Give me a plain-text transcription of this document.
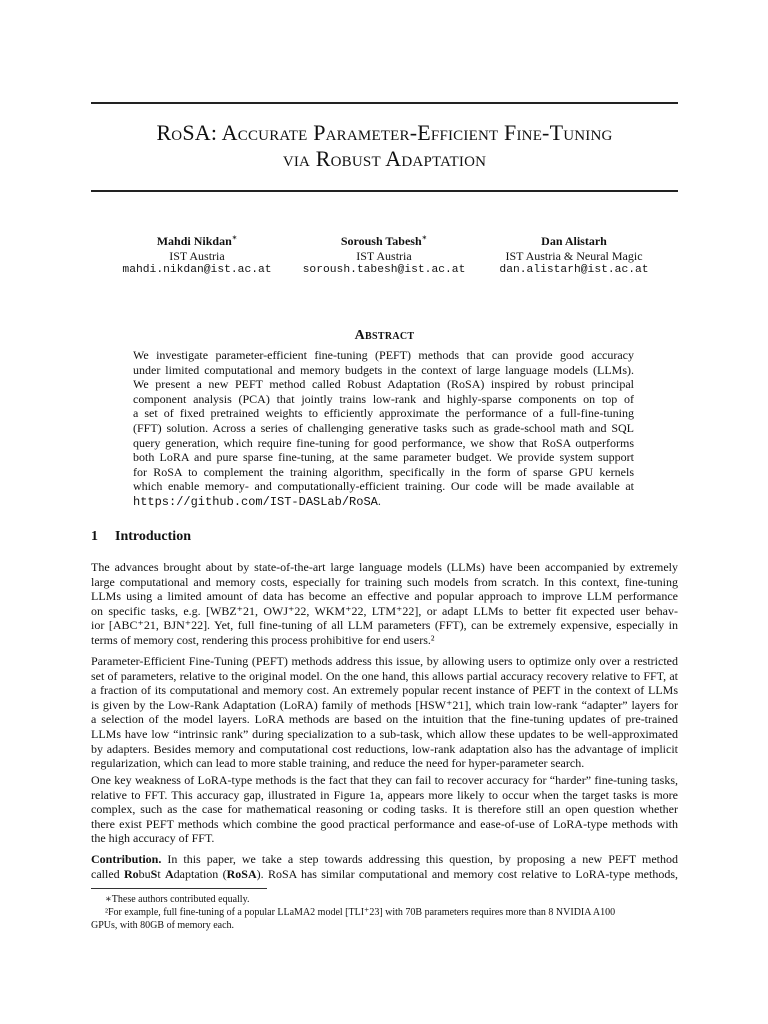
RoSA: Accurate Parameter-Efficient Fine-Tuning
via Robust Adaptation
Mahdi Nikdan∗
IST Austria
mahdi.nikdan@ist.ac.at
Soroush Tabesh∗
IST Austria
soroush.tabesh@ist.ac.at
Dan Alistarh
IST Austria & Neural Magic
dan.alistarh@ist.ac.at
Abstract
We investigate parameter-efficient fine-tuning (PEFT) methods that can provide good accuracy
under limited computational and memory budgets in the context of large language models (LLMs).
We present a new PEFT method called Robust Adaptation (RoSA) inspired by robust principal
component analysis (PCA) that jointly trains low-rank and highly-sparse components on top of
a set of fixed pretrained weights to efficiently approximate the performance of a full-fine-tuning
(FFT) solution. Across a series of challenging generative tasks such as grade-school math and SQL
query generation, which require fine-tuning for good performance, we show that RoSA outperforms
both LoRA and pure sparse fine-tuning, at the same parameter budget. We provide system support
for RoSA to complement the training algorithm, specifically in the form of sparse GPU kernels
which enable memory- and computationally-efficient training. Our code will be made available at
https://github.com/IST-DASLab/RoSA.
1 Introduction
The advances brought about by state-of-the-art large language models (LLMs) have been accompanied by extremely
large computational and memory costs, especially for training such models from scratch. In this context, fine-tuning
LLMs using a limited amount of data has become an effective and popular approach to improve LLM performance
on specific tasks, e.g. [WBZ⁺21, OWJ⁺22, WKM⁺22, LTM⁺22], or adapt LLMs to better fit expected user behav-
ior [ABC⁺21, BJN⁺22]. Yet, full fine-tuning of all LLM parameters (FFT), can be extremely expensive, especially in
terms of memory cost, rendering this process prohibitive for end users.²
Parameter-Efficient Fine-Tuning (PEFT) methods address this issue, by allowing users to optimize only over a restricted
set of parameters, relative to the original model. On the one hand, this allows partial accuracy recovery relative to FFT, at
a fraction of its computational and memory cost. An extremely popular recent instance of PEFT in the context of LLMs
is given by the Low-Rank Adaptation (LoRA) family of methods [HSW⁺21], which train low-rank “adapter” layers for
a selection of the model layers. LoRA methods are based on the intuition that the fine-tuning updates of pre-trained
LLMs have low “intrinsic rank” during specialization to a sub-task, which allow these updates to be well-approximated
by adapters. Besides memory and computational cost reductions, low-rank adaptation also has the advantage of implicit
regularization, which can lead to more stable training, and reduce the need for hyper-parameter search.
One key weakness of LoRA-type methods is the fact that they can fail to recover accuracy for “harder” fine-tuning tasks,
relative to FFT. This accuracy gap, illustrated in Figure 1a, appears more likely to occur when the target tasks is more
complex, such as the case for mathematical reasoning or coding tasks. It is therefore still an open question whether
there exist PEFT methods which combine the good practical performance and ease-of-use of LoRA-type methods with
the high accuracy of FFT.
Contribution. In this paper, we take a step towards addressing this question, by proposing a new PEFT method
called RobuSt Adaptation (RoSA). RoSA has similar computational and memory cost relative to LoRA-type methods,
∗These authors contributed equally.
²For example, full fine-tuning of a popular LLaMA2 model [TLI⁺23] with 70B parameters requires more than 8 NVIDIA A100
GPUs, with 80GB of memory each.
